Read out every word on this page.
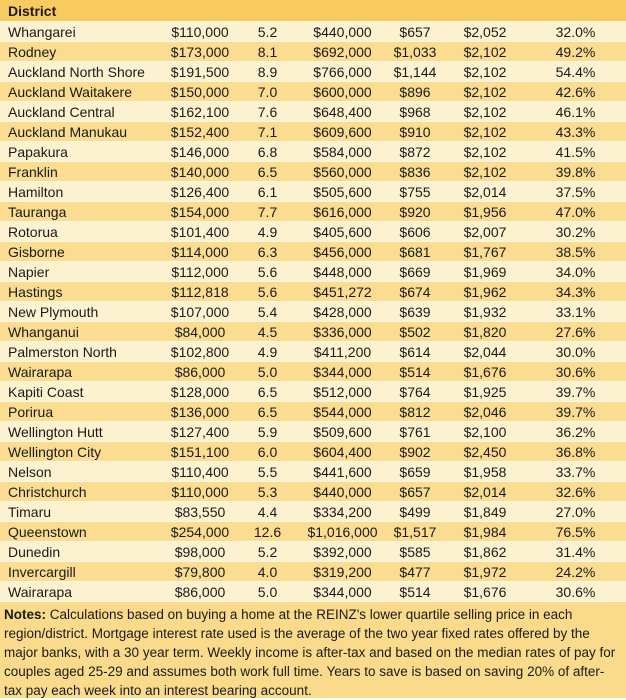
District
Whangarei	$110,000	5.2	$440,000	$657	$2,052	32.0%
Rodney	$173,000	8.1	$692,000	$1,033	$2,102	49.2%
Auckland North Shore	$191,500	8.9	$766,000	$1,144	$2,102	54.4%
Auckland Waitakere	$150,000	7.0	$600,000	$896	$2,102	42.6%
Auckland Central	$162,100	7.6	$648,400	$968	$2,102	46.1%
Auckland Manukau	$152,400	7.1	$609,600	$910	$2,102	43.3%
Papakura	$146,000	6.8	$584,000	$872	$2,102	41.5%
Franklin	$140,000	6.5	$560,000	$836	$2,102	39.8%
Hamilton	$126,400	6.1	$505,600	$755	$2,014	37.5%
Tauranga	$154,000	7.7	$616,000	$920	$1,956	47.0%
Rotorua	$101,400	4.9	$405,600	$606	$2,007	30.2%
Gisborne	$114,000	6.3	$456,000	$681	$1,767	38.5%
Napier	$112,000	5.6	$448,000	$669	$1,969	34.0%
Hastings	$112,818	5.6	$451,272	$674	$1,962	34.3%
New Plymouth	$107,000	5.4	$428,000	$639	$1,932	33.1%
Whanganui	$84,000	4.5	$336,000	$502	$1,820	27.6%
Palmerston North	$102,800	4.9	$411,200	$614	$2,044	30.0%
Wairarapa	$86,000	5.0	$344,000	$514	$1,676	30.6%
Kapiti Coast	$128,000	6.5	$512,000	$764	$1,925	39.7%
Porirua	$136,000	6.5	$544,000	$812	$2,046	39.7%
Wellington Hutt	$127,400	5.9	$509,600	$761	$2,100	36.2%
Wellington City	$151,100	6.0	$604,400	$902	$2,450	36.8%
Nelson	$110,400	5.5	$441,600	$659	$1,958	33.7%
Christchurch	$110,000	5.3	$440,000	$657	$2,014	32.6%
Timaru	$83,550	4.4	$334,200	$499	$1,849	27.0%
Queenstown	$254,000	12.6	$1,016,000	$1,517	$1,984	76.5%
Dunedin	$98,000	5.2	$392,000	$585	$1,862	31.4%
Invercargill	$79,800	4.0	$319,200	$477	$1,972	24.2%
Wairarapa	$86,000	5.0	$344,000	$514	$1,676	30.6%
Notes: Calculations based on buying a home at the REINZ's lower quartile selling price in each region/district. Mortgage interest rate used is the average of the two year fixed rates offered by the major banks, with a 30 year term. Weekly income is after-tax and based on the median rates of pay for couples aged 25-29 and assumes both work full time. Years to save is based on saving 20% of after-tax pay each week into an interest bearing account.
